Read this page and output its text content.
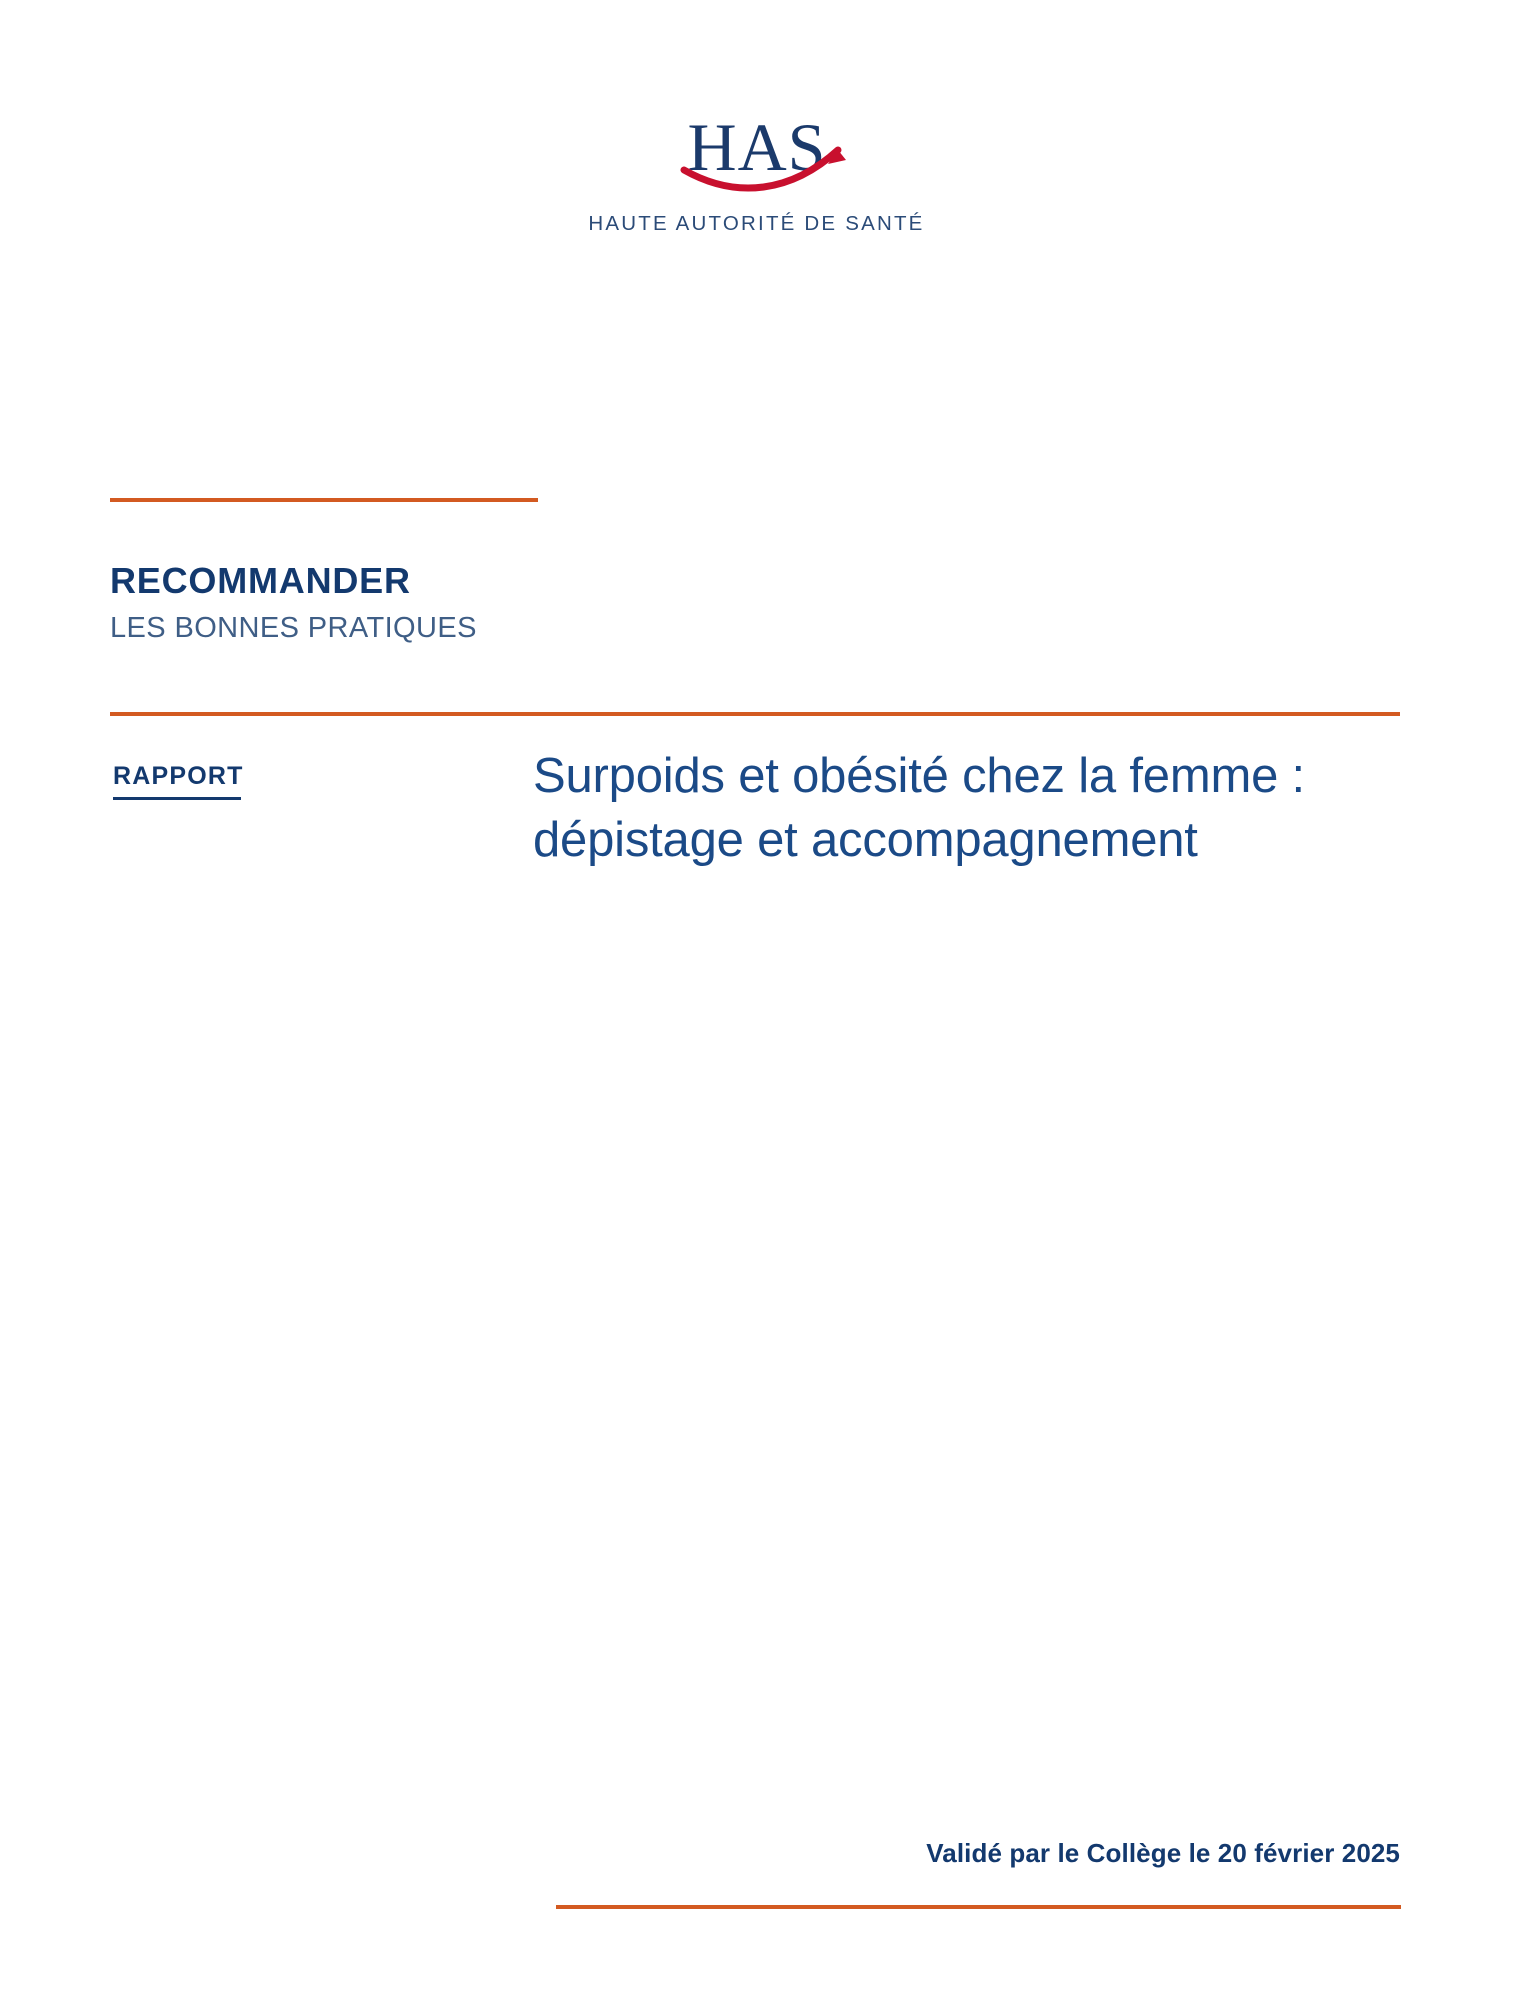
HAS
HAUTE AUTORITÉ DE SANTÉ
RECOMMANDER
LES BONNES PRATIQUES
RAPPORT	Surpoids et obésité chez la femme : dépistage et accompagnement
Validé par le Collège le 20 février 2025
